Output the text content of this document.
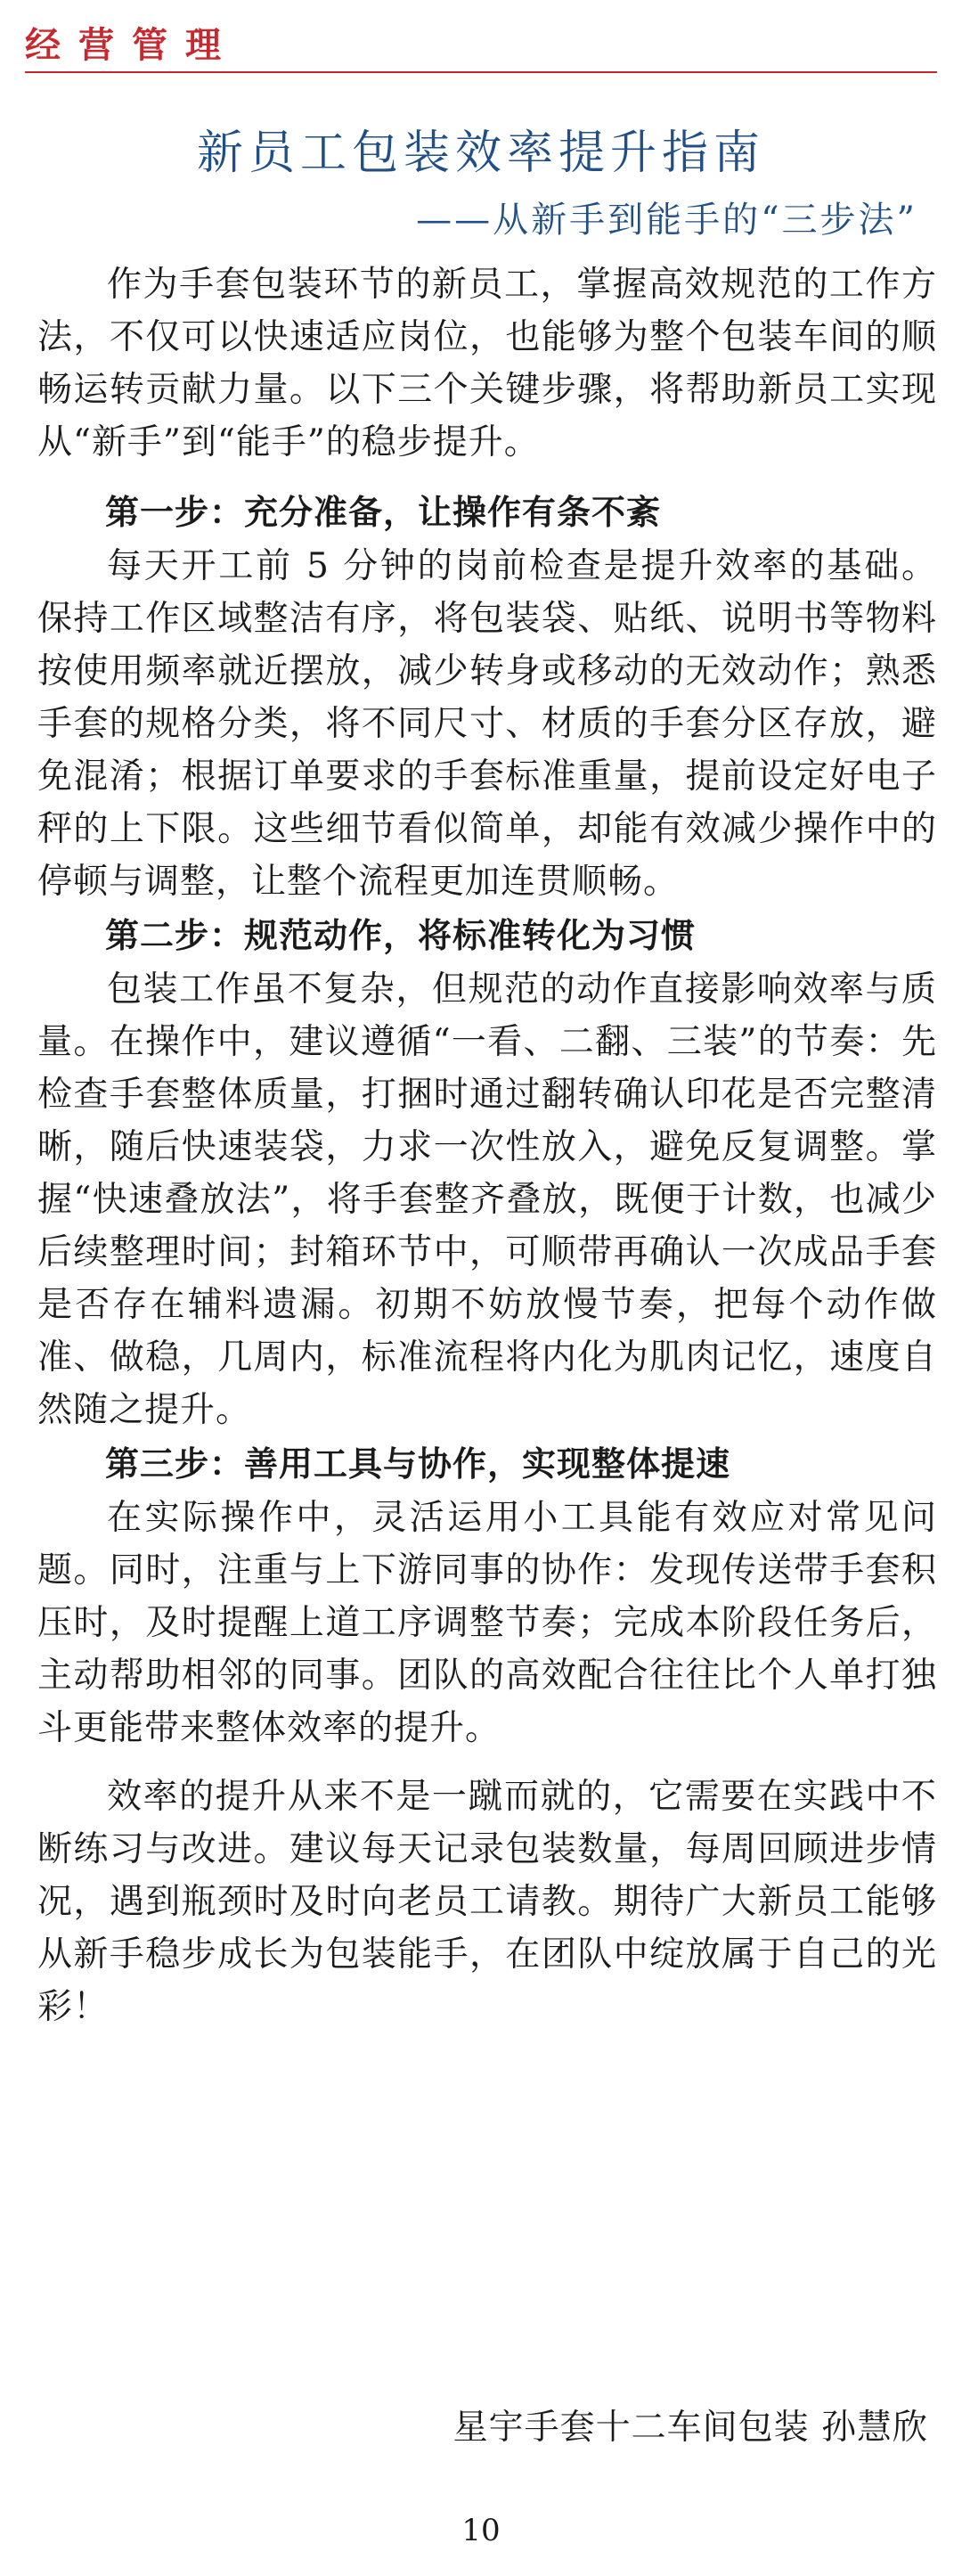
经营管理
新员工包装效率提升指南
——从新手到能手的“三步法”

作为手套包装环节的新员工，掌握高效规范的工作方法，不仅可以快速适应岗位，也能够为整个包装车间的顺畅运转贡献力量。以下三个关键步骤，将帮助新员工实现从“新手”到“能手”的稳步提升。

第一步：充分准备，让操作有条不紊

每天开工前 5 分钟的岗前检查是提升效率的基础。保持工作区域整洁有序，将包装袋、贴纸、说明书等物料按使用频率就近摆放，减少转身或移动的无效动作；熟悉手套的规格分类，将不同尺寸、材质的手套分区存放，避免混淆；根据订单要求的手套标准重量，提前设定好电子秤的上下限。这些细节看似简单，却能有效减少操作中的停顿与调整，让整个流程更加连贯顺畅。

第二步：规范动作，将标准转化为习惯

包装工作虽不复杂，但规范的动作直接影响效率与质量。在操作中，建议遵循“一看、二翻、三装”的节奏：先检查手套整体质量，打捆时通过翻转确认印花是否完整清晰，随后快速装袋，力求一次性放入，避免反复调整。掌握“快速叠放法”，将手套整齐叠放，既便于计数，也减少后续整理时间；封箱环节中，可顺带再确认一次成品手套是否存在辅料遗漏。初期不妨放慢节奏，把每个动作做准、做稳，几周内，标准流程将内化为肌肉记忆，速度自然随之提升。

第三步：善用工具与协作，实现整体提速

在实际操作中，灵活运用小工具能有效应对常见问题。同时，注重与上下游同事的协作：发现传送带手套积压时，及时提醒上道工序调整节奏；完成本阶段任务后，主动帮助相邻的同事。团队的高效配合往往比个人单打独斗更能带来整体效率的提升。

效率的提升从来不是一蹴而就的，它需要在实践中不断练习与改进。建议每天记录包装数量，每周回顾进步情况，遇到瓶颈时及时向老员工请教。期待广大新员工能够从新手稳步成长为包装能手，在团队中绽放属于自己的光彩！

星宇手套十二车间包装 孙慧欣
10
